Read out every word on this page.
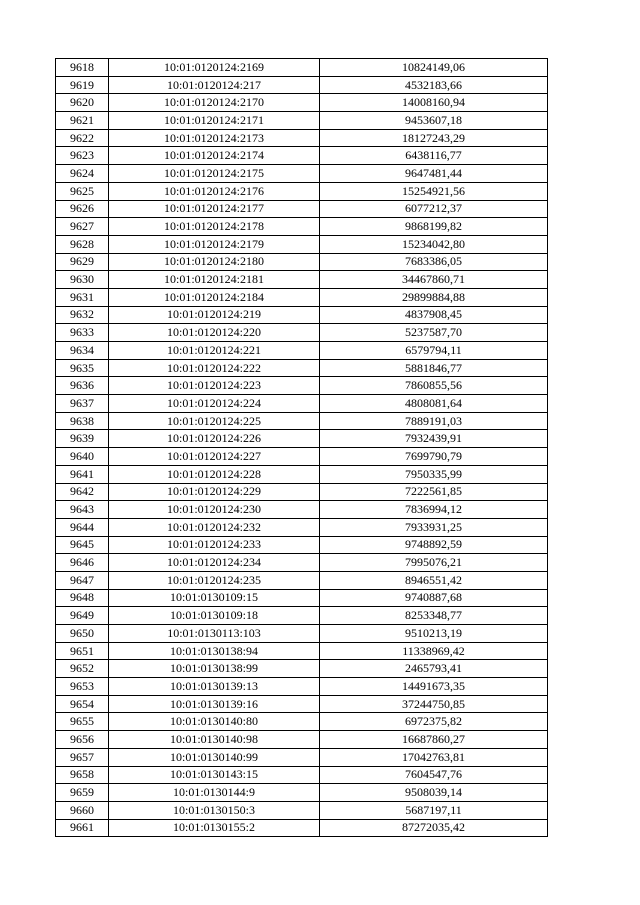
9618	10:01:0120124:2169	10824149,06
9619	10:01:0120124:217	4532183,66
9620	10:01:0120124:2170	14008160,94
9621	10:01:0120124:2171	9453607,18
9622	10:01:0120124:2173	18127243,29
9623	10:01:0120124:2174	6438116,77
9624	10:01:0120124:2175	9647481,44
9625	10:01:0120124:2176	15254921,56
9626	10:01:0120124:2177	6077212,37
9627	10:01:0120124:2178	9868199,82
9628	10:01:0120124:2179	15234042,80
9629	10:01:0120124:2180	7683386,05
9630	10:01:0120124:2181	34467860,71
9631	10:01:0120124:2184	29899884,88
9632	10:01:0120124:219	4837908,45
9633	10:01:0120124:220	5237587,70
9634	10:01:0120124:221	6579794,11
9635	10:01:0120124:222	5881846,77
9636	10:01:0120124:223	7860855,56
9637	10:01:0120124:224	4808081,64
9638	10:01:0120124:225	7889191,03
9639	10:01:0120124:226	7932439,91
9640	10:01:0120124:227	7699790,79
9641	10:01:0120124:228	7950335,99
9642	10:01:0120124:229	7222561,85
9643	10:01:0120124:230	7836994,12
9644	10:01:0120124:232	7933931,25
9645	10:01:0120124:233	9748892,59
9646	10:01:0120124:234	7995076,21
9647	10:01:0120124:235	8946551,42
9648	10:01:0130109:15	9740887,68
9649	10:01:0130109:18	8253348,77
9650	10:01:0130113:103	9510213,19
9651	10:01:0130138:94	11338969,42
9652	10:01:0130138:99	2465793,41
9653	10:01:0130139:13	14491673,35
9654	10:01:0130139:16	37244750,85
9655	10:01:0130140:80	6972375,82
9656	10:01:0130140:98	16687860,27
9657	10:01:0130140:99	17042763,81
9658	10:01:0130143:15	7604547,76
9659	10:01:0130144:9	9508039,14
9660	10:01:0130150:3	5687197,11
9661	10:01:0130155:2	87272035,42
